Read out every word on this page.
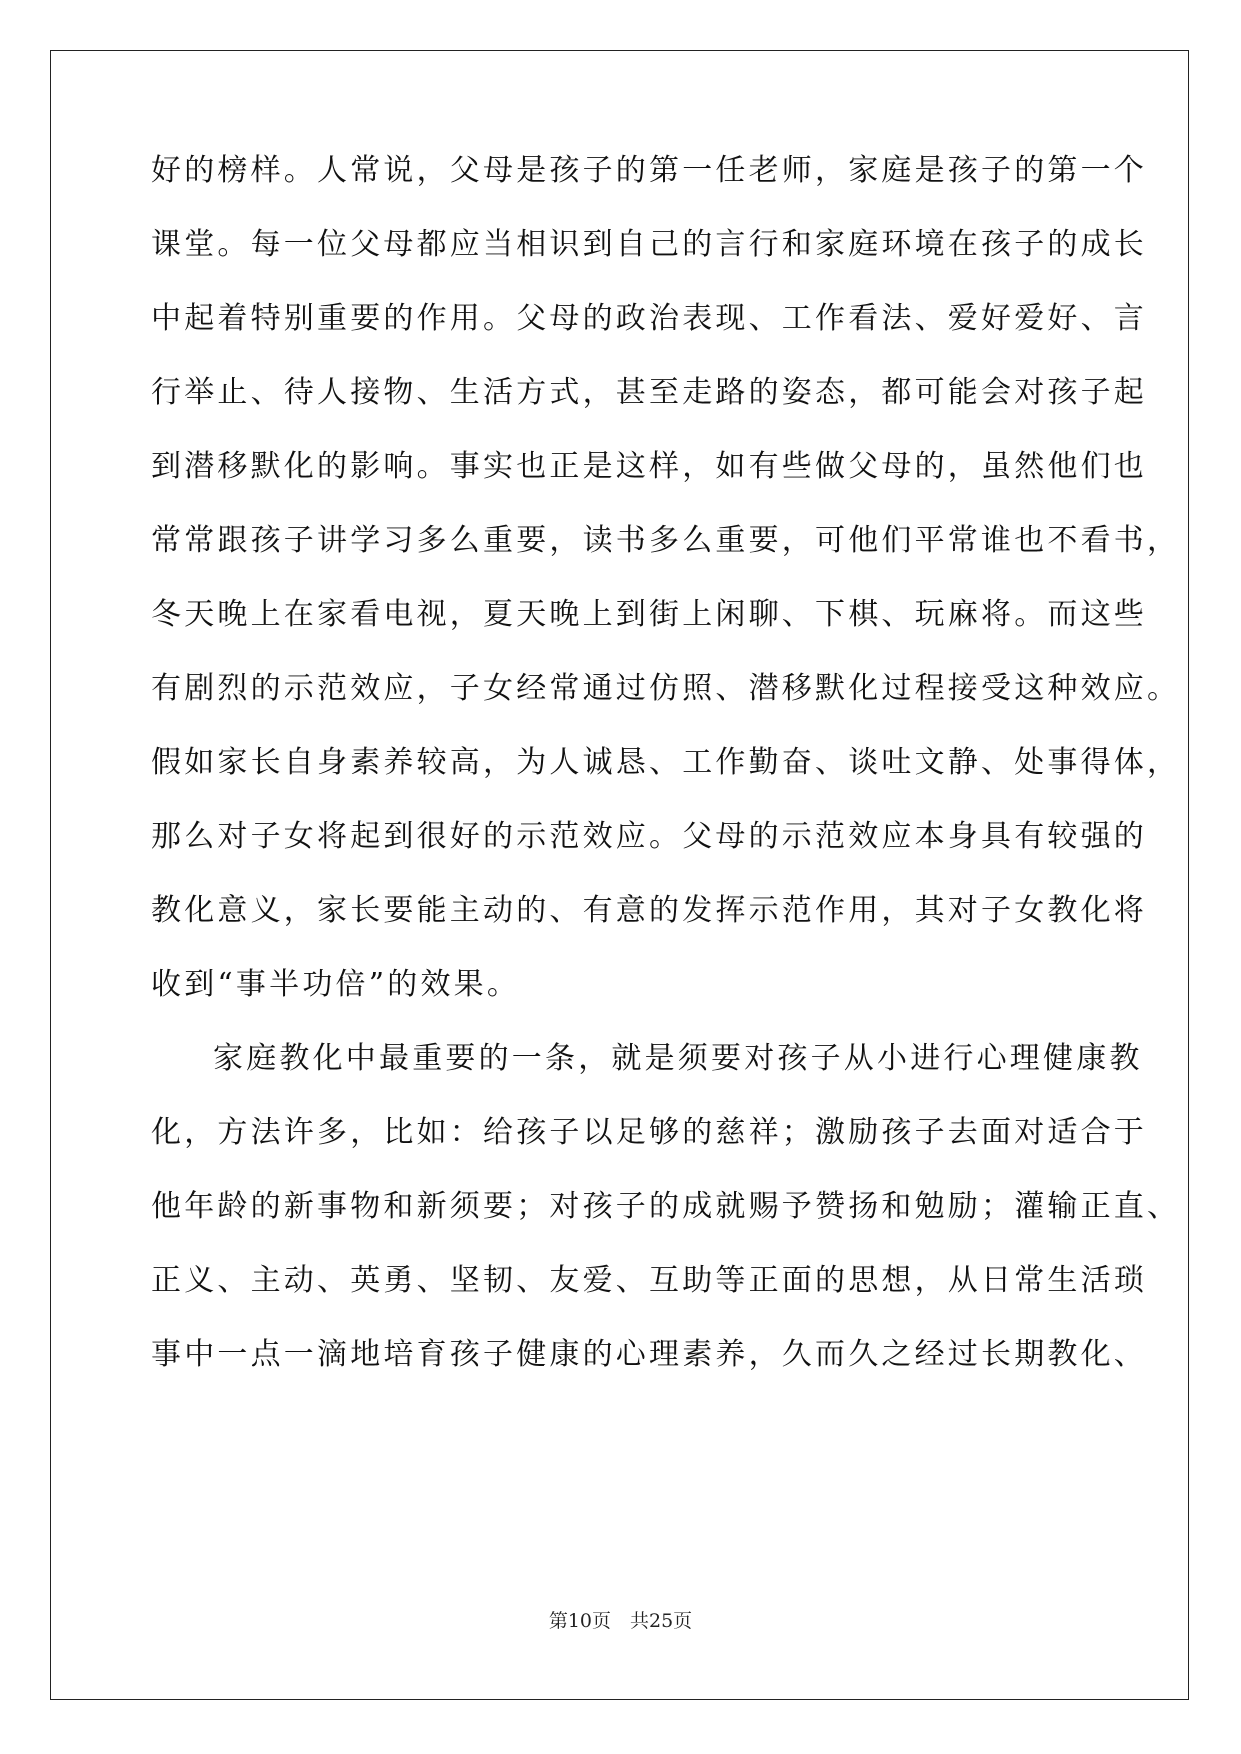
好的榜样。人常说，父母是孩子的第一任老师，家庭是孩子的第一个
课堂。每一位父母都应当相识到自己的言行和家庭环境在孩子的成长
中起着特别重要的作用。父母的政治表现、工作看法、爱好爱好、言
行举止、待人接物、生活方式，甚至走路的姿态，都可能会对孩子起
到潜移默化的影响。事实也正是这样，如有些做父母的，虽然他们也
常常跟孩子讲学习多么重要，读书多么重要，可他们平常谁也不看书，
冬天晚上在家看电视，夏天晚上到街上闲聊、下棋、玩麻将。而这些
有剧烈的示范效应，子女经常通过仿照、潜移默化过程接受这种效应。
假如家长自身素养较高，为人诚恳、工作勤奋、谈吐文静、处事得体，
那么对子女将起到很好的示范效应。父母的示范效应本身具有较强的
教化意义，家长要能主动的、有意的发挥示范作用，其对子女教化将
收到“事半功倍”的效果。
家庭教化中最重要的一条，就是须要对孩子从小进行心理健康教
化，方法许多，比如：给孩子以足够的慈祥；激励孩子去面对适合于
他年龄的新事物和新须要；对孩子的成就赐予赞扬和勉励；灌输正直、
正义、主动、英勇、坚韧、友爱、互助等正面的思想，从日常生活琐
事中一点一滴地培育孩子健康的心理素养，久而久之经过长期教化、
第10页　共25页
